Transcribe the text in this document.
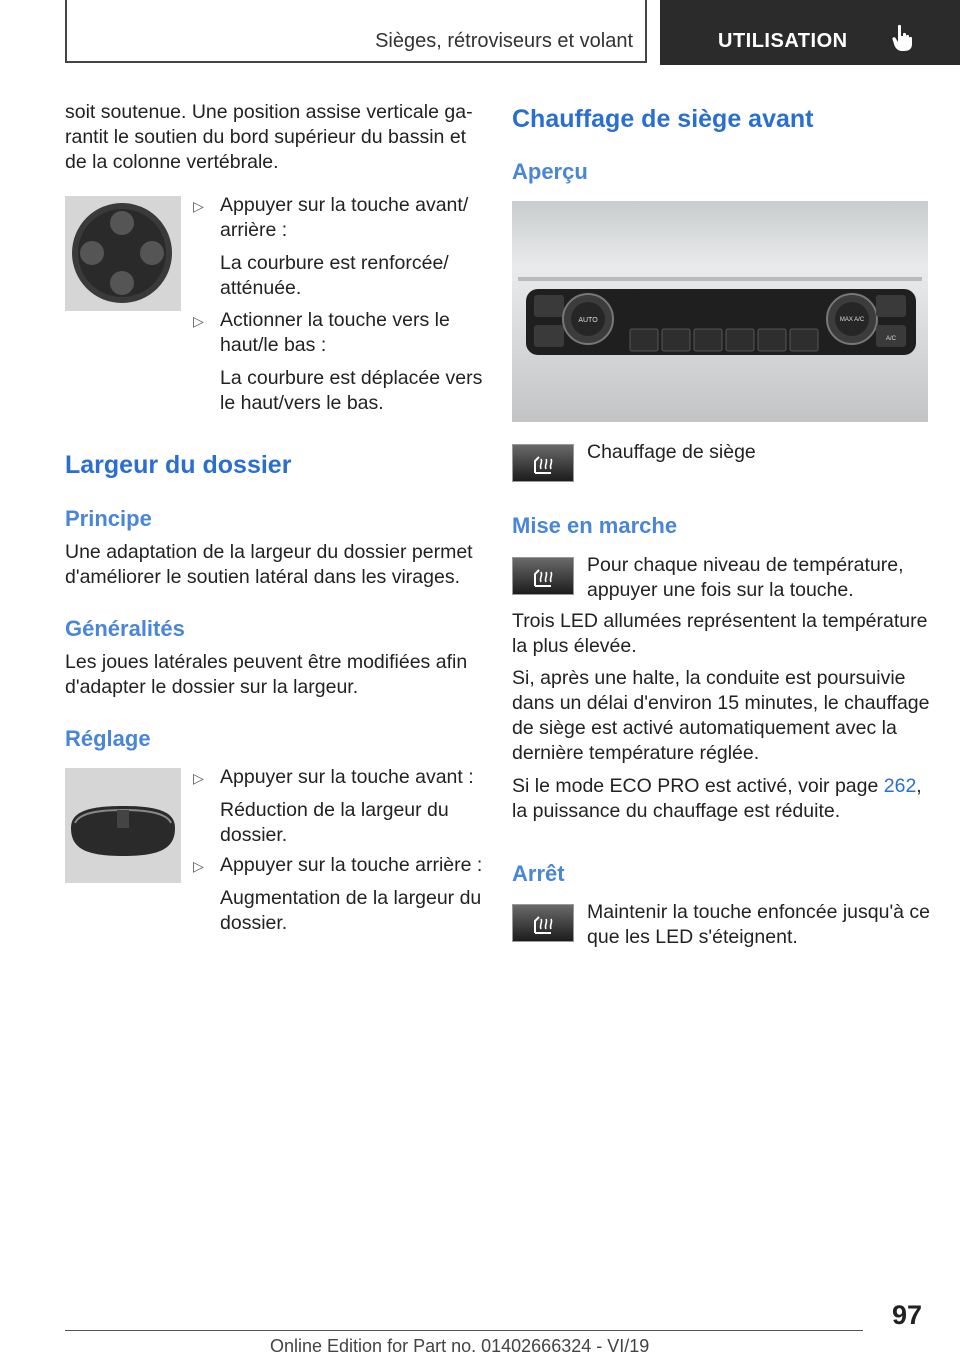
Sièges, rétroviseurs et volant	UTILISATION

soit soutenue. Une position assise verticale ga-

rantit le soutien du bord supérieur du bassin et

de la colonne vertébrale.

▷ Appuyer sur la touche avant/

arrière :

La courbure est renforcée/

atténuée.

▷ Actionner la touche vers le

haut/le bas :

La courbure est déplacée vers

le haut/vers le bas.

Largeur du dossier
Principe

Une adaptation de la largeur du dossier permet

d'améliorer le soutien latéral dans les virages.

Généralités

Les joues latérales peuvent être modifiées afin

d'adapter le dossier sur la largeur.

Réglage
▷ Appuyer sur la touche avant :

Réduction de la largeur du

dossier.

▷ Appuyer sur la touche arrière :

Augmentation de la largeur du

dossier.

Chauffage de siège avant
Aperçu
AUTO	MAX A/C
A/C
Chauffage de siège
Mise en marche

Pour chaque niveau de température,

appuyer une fois sur la touche.

Trois LED allumées représentent la température

la plus élevée.

Si, après une halte, la conduite est poursuivie

dans un délai d'environ 15 minutes, le chauffage

de siège est activé automatiquement avec la

dernière température réglée.

Si le mode ECO PRO est activé, voir page 262,

la puissance du chauffage est réduite.

Arrêt

Maintenir la touche enfoncée jusqu'à ce

que les LED s'éteignent.

97
Online Edition for Part no. 01402666324 - VI/19
